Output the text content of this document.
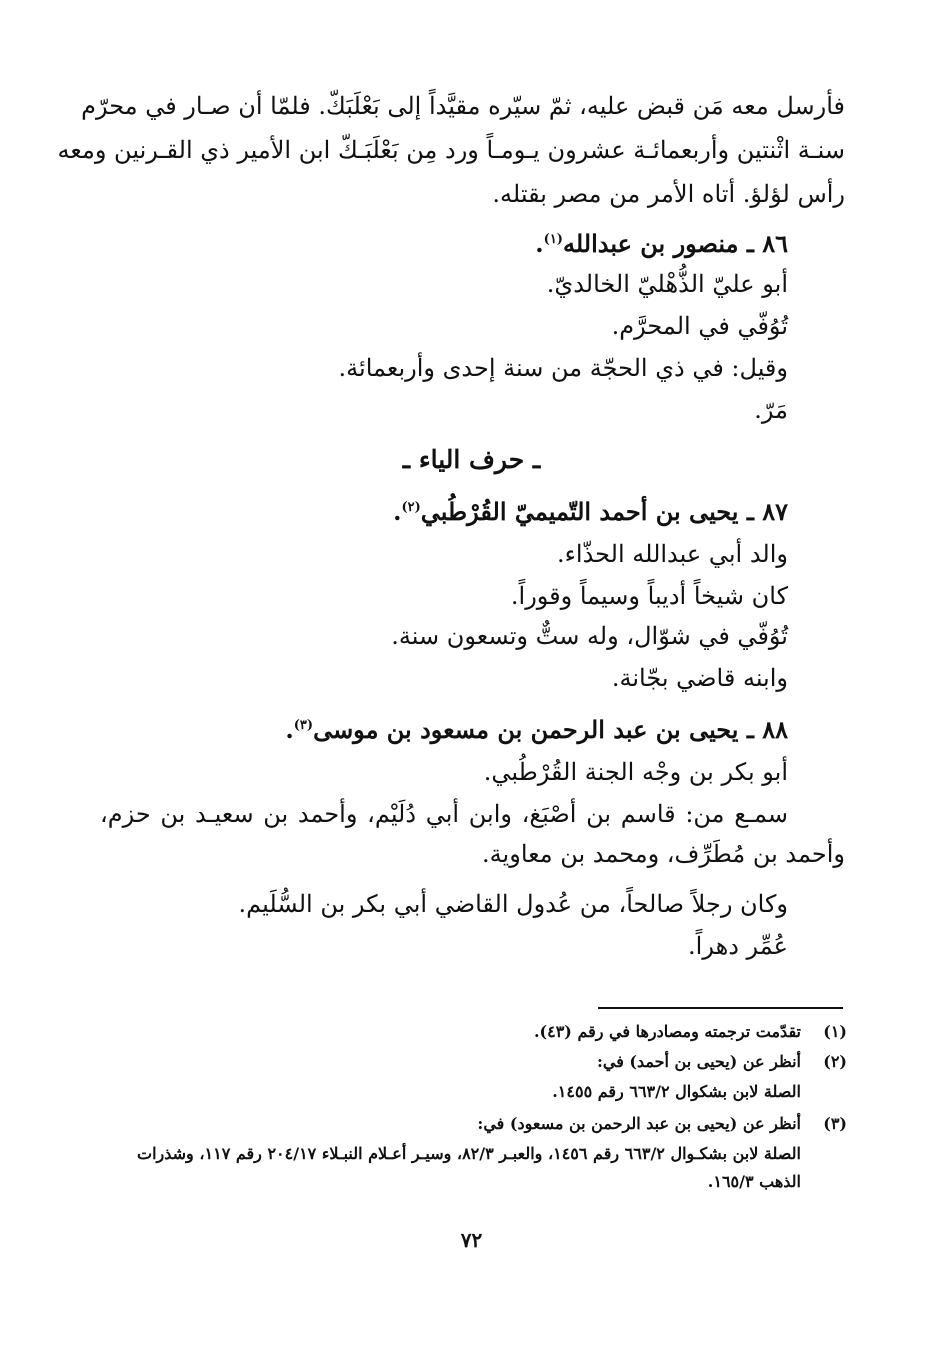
فأرسل معه مَن قبض عليه، ثمّ سيّره مقيَّداً إلى بَعْلَبَكّ. فلمّا أن صـار في محرّم
سنـة اثْنتين وأربعمائـة عشرون يـومـاً ورد مِن بَعْلَبَـكّ ابن الأمير ذي القـرنين ومعه
رأس لؤلؤ. أتاه الأمر من مصر بقتله.
٨٦ ـ منصور بن عبدالله$^{(١)}$.
أبو عليّ الذُّهْليّ الخالديّ.
تُوُفّي في المحرَّم.
وقيل: في ذي الحجّة من سنة إحدى وأربعمائة.
مَرّ.
ـ حرف الياء ـ
٨٧ ـ يحيى بن أحمد التّميميّ القُرْطُبي$^{(٢)}$.
والد أبي عبدالله الحذّاء.
كان شيخاً أديباً وسيماً وقوراً.
تُوُفّي في شوّال، وله ستٌّ وتسعون سنة.
وابنه قاضي بجّانة.
٨٨ ـ يحيى بن عبد الرحمن بن مسعود بن موسى$^{(٣)}$.
أبو بكر بن وجْه الجنة القُرْطُبي.
سمـع من: قاسم بن أصْبَغ، وابن أبي دُلَيْم، وأحمد بن سعيـد بن حزم، وأحمد بن مُطَرِّف، ومحمد بن معاوية.
وكان رجلاً صالحاً، من عُدول القاضي أبي بكر بن السُّلَيم.
عُمِّر دهراً.
(١)تقدّمت ترجمته ومصادرها في رقم (٤٣).
(٢)أنظر عن (يحيى بن أحمد) في:
الصلة لابن بشكوال ٦٦٣/٢ رقم ١٤٥٥.
(٣)أنظر عن (يحيى بن عبد الرحمن بن مسعود) في:
الصلة لابن بشكـوال ٦٦٣/٢ رقم ١٤٥٦، والعبـر ٨٢/٣، وسيـر أعـلام النبـلاء ٢٠٤/١٧ رقم ١١٧، وشذرات الذهب ١٦٥/٣.
٧٢
